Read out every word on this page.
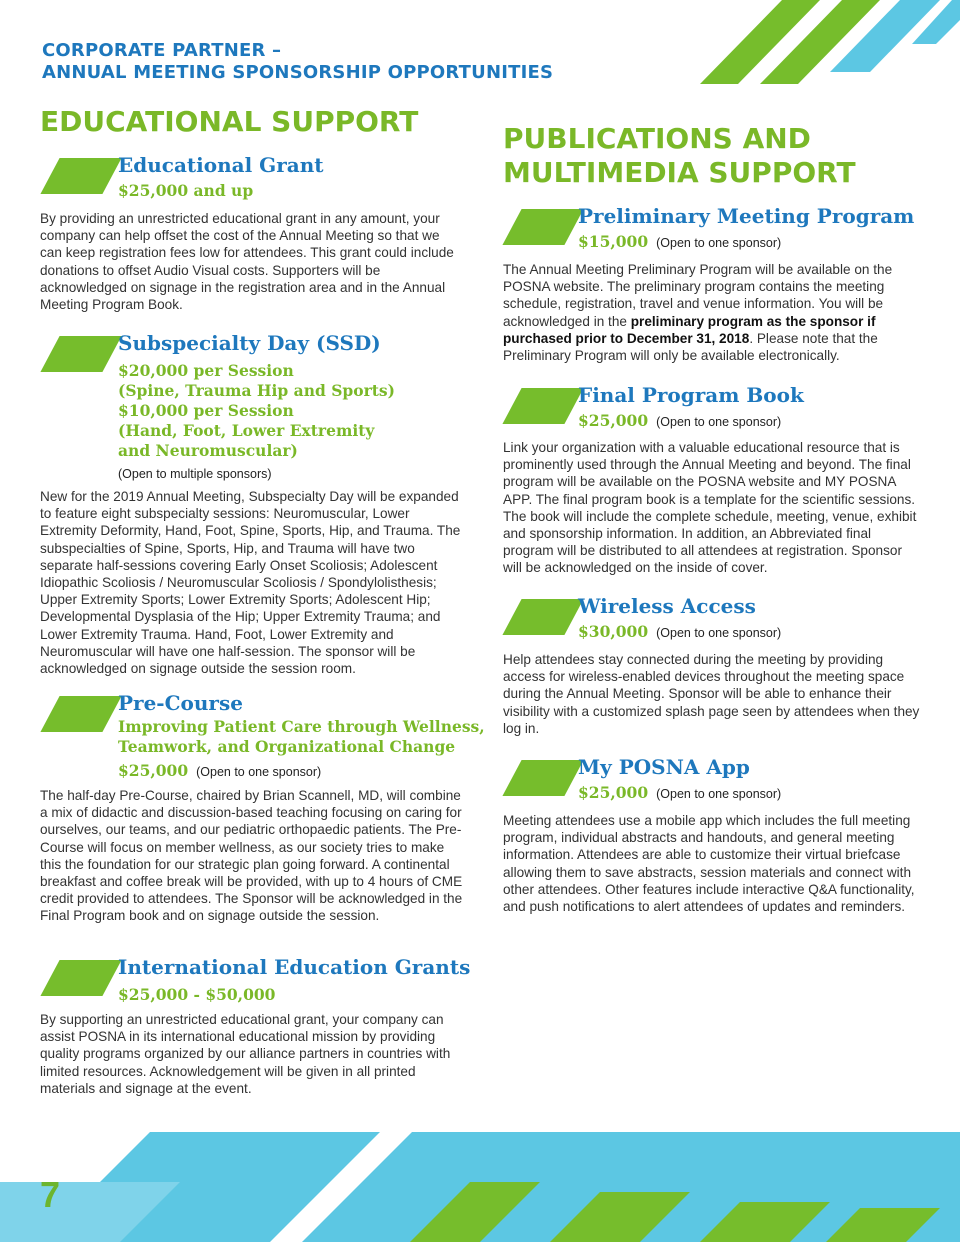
CORPORATE PARTNER –
ANNUAL MEETING SPONSORSHIP OPPORTUNITIES
EDUCATIONAL SUPPORT
Educational Grant
$25,000 and up

By providing an unrestricted educational grant in any amount, your company can help offset the cost of the Annual Meeting so that we can keep registration fees low for attendees. This grant could include donations to offset Audio Visual costs. Supporters will be acknowledged on signage in the registration area and in the Annual Meeting Program Book.

Subspecialty Day (SSD)
$20,000 per Session
(Spine, Trauma Hip and Sports)
$10,000 per Session
(Hand, Foot, Lower Extremity
and Neuromuscular)
(Open to multiple sponsors)

New for the 2019 Annual Meeting, Subspecialty Day will be expanded to feature eight subspecialty sessions: Neuromuscular, Lower Extremity Deformity, Hand, Foot, Spine, Sports, Hip, and Trauma. The subspecialties of Spine, Sports, Hip, and Trauma will have two separate half-sessions covering Early Onset Scoliosis; Adolescent Idiopathic Scoliosis / Neuromuscular Scoliosis / Spondylolisthesis; Upper Extremity Sports; Lower Extremity Sports; Adolescent Hip; Developmental Dysplasia of the Hip; Upper Extremity Trauma; and Lower Extremity Trauma. Hand, Foot, Lower Extremity and Neuromuscular will have one half-session. The sponsor will be acknowledged on signage outside the session room.

Pre-Course
Improving Patient Care through Wellness,
Teamwork, and Organizational Change
$25,000 (Open to one sponsor)

The half-day Pre-Course, chaired by Brian Scannell, MD, will combine a mix of didactic and discussion-based teaching focusing on caring for ourselves, our teams, and our pediatric orthopaedic patients. The Pre-Course will focus on member wellness, as our society tries to make this the foundation for our strategic plan going forward. A continental breakfast and coffee break will be provided, with up to 4 hours of CME credit provided to attendees. The Sponsor will be acknowledged in the Final Program book and on signage outside the session.

International Education Grants
$25,000 - $50,000

By supporting an unrestricted educational grant, your company can assist POSNA in its international educational mission by providing quality programs organized by our alliance partners in countries with limited resources. Acknowledgement will be given in all printed materials and signage at the event.

PUBLICATIONS AND
MULTIMEDIA SUPPORT
Preliminary Meeting Program
$15,000 (Open to one sponsor)

The Annual Meeting Preliminary Program will be available on the POSNA website. The preliminary program contains the meeting schedule, registration, travel and venue information. You will be acknowledged in the preliminary program as the sponsor if purchased prior to December 31, 2018. Please note that the Preliminary Program will only be available electronically.

Final Program Book
$25,000 (Open to one sponsor)

Link your organization with a valuable educational resource that is prominently used through the Annual Meeting and beyond. The final program will be available on the POSNA website and MY POSNA APP. The final program book is a template for the scientific sessions. The book will include the complete schedule, meeting, venue, exhibit and sponsorship information. In addition, an Abbreviated final program will be distributed to all attendees at registration. Sponsor will be acknowledged on the inside of cover.

Wireless Access
$30,000 (Open to one sponsor)

Help attendees stay connected during the meeting by providing access for wireless-enabled devices throughout the meeting space during the Annual Meeting. Sponsor will be able to enhance their visibility with a customized splash page seen by attendees when they log in.

My POSNA App
$25,000 (Open to one sponsor)

Meeting attendees use a mobile app which includes the full meeting program, individual abstracts and handouts, and general meeting information. Attendees are able to customize their virtual briefcase allowing them to save abstracts, session materials and connect with other attendees. Other features include interactive Q&A functionality, and push notifications to alert attendees of updates and reminders.

7
